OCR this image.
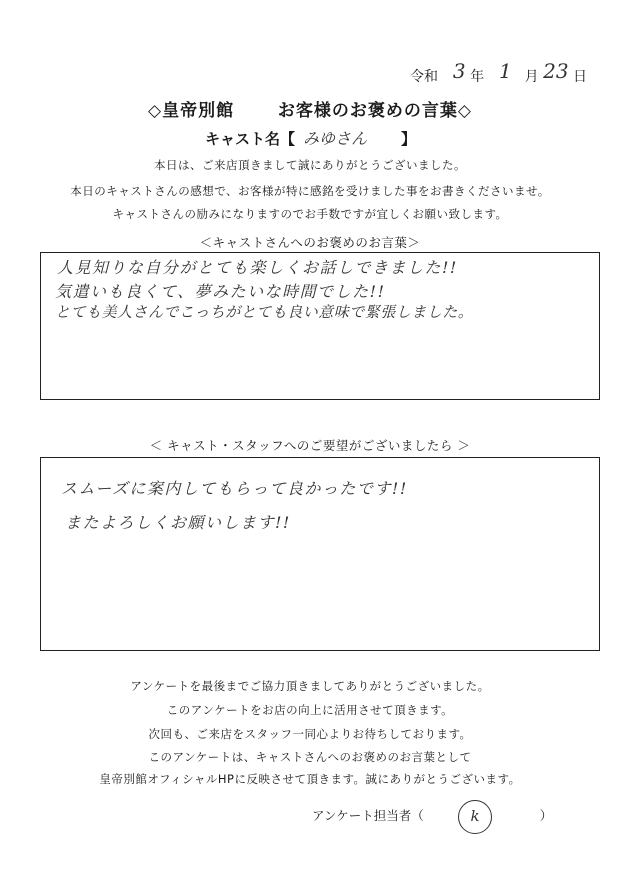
令和 3 年 1 月 23 日
◇皇帝別館	お客様のお褒めの言葉◇
キャスト名【 みゆさん 】
本日は、ご来店頂きまして誠にありがとうございました。
本日のキャストさんの感想で、お客様が特に感銘を受けました事をお書きくださいませ。
キャストさんの励みになりますのでお手数ですが宜しくお願い致します。
＜キャストさんへのお褒めのお言葉＞
人見知りな自分がとても楽しくお話しできました!!
気遣いも良くて、夢みたいな時間でした!!
とても美人さんでこっちがとても良い意味で緊張しました。
＜ キャスト・スタッフへのご要望がございましたら ＞
スムーズに案内してもらって良かったです!!
またよろしくお願いします!!
アンケートを最後までご協力頂きましてありがとうございました。
このアンケートをお店の向上に活用させて頂きます。
次回も、ご来店をスタッフ一同心よりお待ちしております。
このアンケートは、キャストさんへのお褒めのお言葉として
皇帝別館オフィシャルHPに反映させて頂きます。誠にありがとうございます。
アンケート担当者（	）
k
